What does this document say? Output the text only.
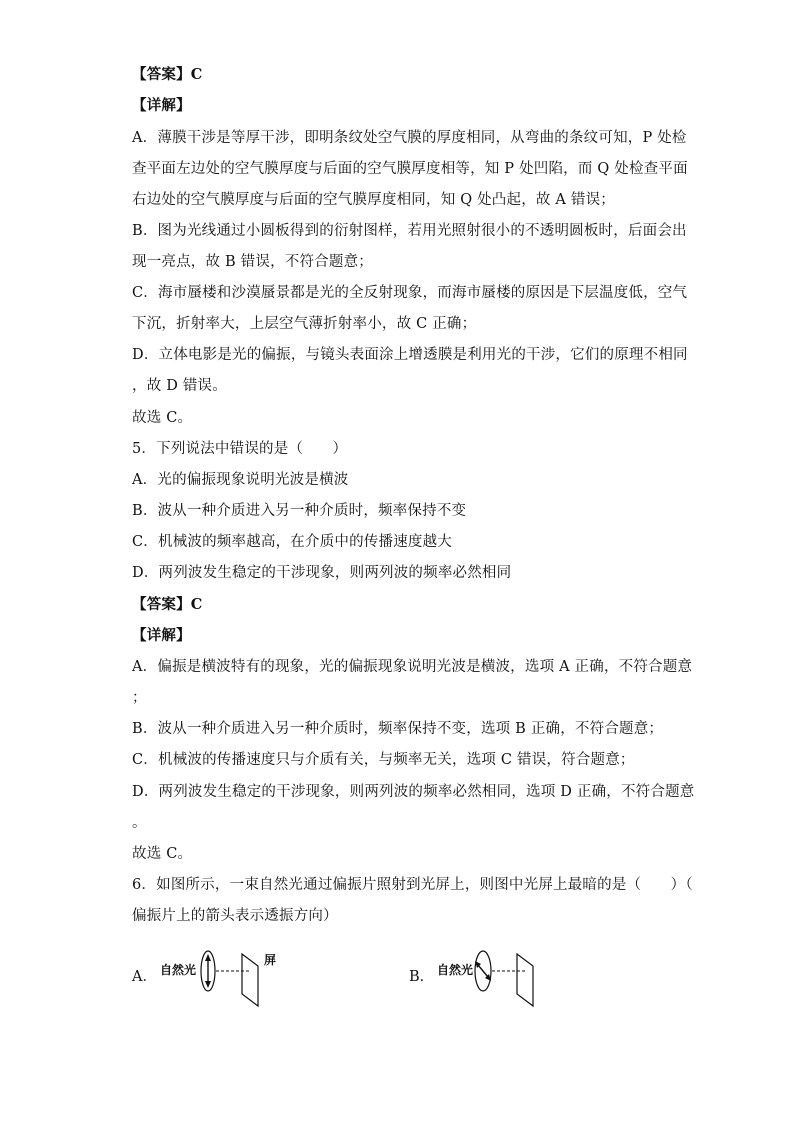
【答案】C
【详解】
A．薄膜干涉是等厚干涉，即明条纹处空气膜的厚度相同，从弯曲的条纹可知，P 处检
查平面左边处的空气膜厚度与后面的空气膜厚度相等，知 P 处凹陷，而 Q 处检查平面
右边处的空气膜厚度与后面的空气膜厚度相同，知 Q 处凸起，故 A 错误；
B．图为光线通过小圆板得到的衍射图样，若用光照射很小的不透明圆板时，后面会出
现一亮点，故 B 错误，不符合题意；
C．海市蜃楼和沙漠蜃景都是光的全反射现象，而海市蜃楼的原因是下层温度低，空气
下沉，折射率大，上层空气薄折射率小，故 C 正确；
D．立体电影是光的偏振，与镜头表面涂上增透膜是利用光的干涉，它们的原理不相同
，故 D 错误。
故选 C。
5．下列说法中错误的是（　　）
A．光的偏振现象说明光波是横波
B．波从一种介质进入另一种介质时，频率保持不变
C．机械波的频率越高，在介质中的传播速度越大
D．两列波发生稳定的干涉现象，则两列波的频率必然相同
【答案】C
【详解】
A．偏振是横波特有的现象，光的偏振现象说明光波是横波，选项 A 正确，不符合题意
；
B．波从一种介质进入另一种介质时，频率保持不变，选项 B 正确，不符合题意；
C．机械波的传播速度只与介质有关，与频率无关，选项 C 错误，符合题意；
D．两列波发生稳定的干涉现象，则两列波的频率必然相同，选项 D 正确，不符合题意
。
故选 C。
6．如图所示，一束自然光通过偏振片照射到光屏上，则图中光屏上最暗的是（　　）（
偏振片上的箭头表示透振方向）
A． 自然光
屏
B． 自然光
